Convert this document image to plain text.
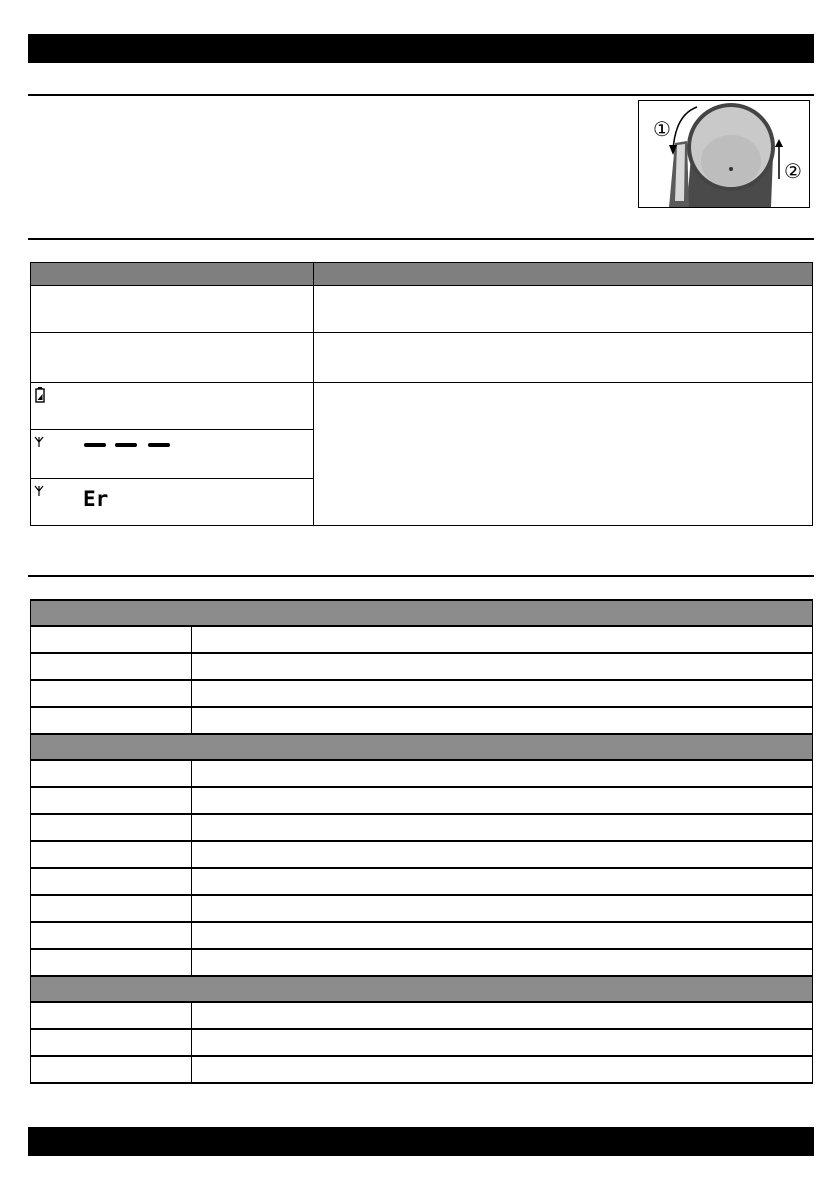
①
②

Er	
